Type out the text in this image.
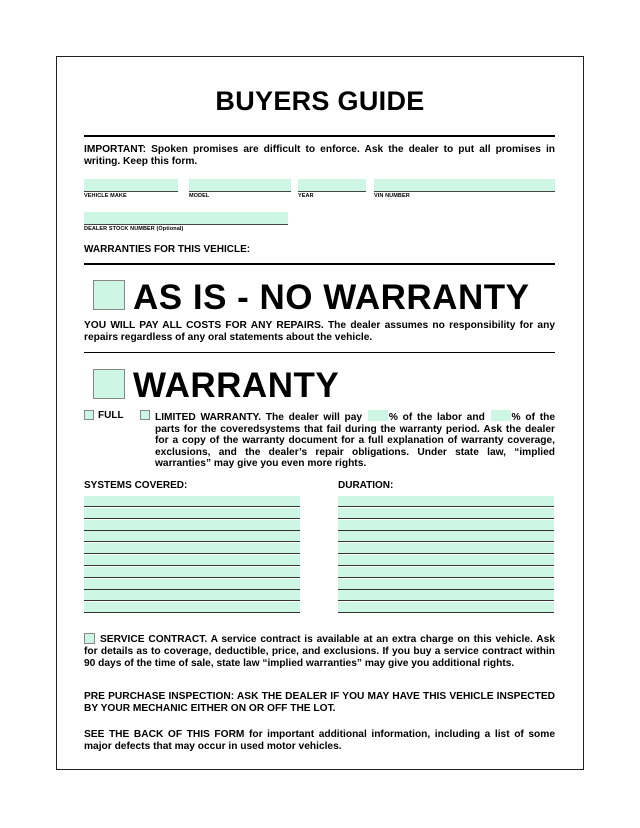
BUYERS GUIDE
IMPORTANT: Spoken promises are difficult to enforce. Ask the dealer to put all promises in writing. Keep this form.
VEHICLE MAKE	MODEL	YEAR	VIN NUMBER
DEALER STOCK NUMBER (Optional)
WARRANTIES FOR THIS VEHICLE:
AS IS - NO WARRANTY
YOU WILL PAY ALL COSTS FOR ANY REPAIRS. The dealer assumes no responsibility for any repairs regardless of any oral statements about the vehicle.
WARRANTY
FULL	LIMITED WARRANTY. The dealer will pay	% of the labor and	% of the parts for the coveredsystems that fail during the warranty period. Ask the dealer for a copy of the warranty document for a full explanation of warranty coverage, exclusions, and the dealer’s repair obligations. Under state law, “implied warranties” may give you even more rights.
SYSTEMS COVERED:	DURATION:
SERVICE CONTRACT. A service contract is available at an extra charge on this vehicle. Ask for details as to coverage, deductible, price, and exclusions. If you buy a service contract within 90 days of the time of sale, state law “implied warranties” may give you additional rights.
PRE PURCHASE INSPECTION: ASK THE DEALER IF YOU MAY HAVE THIS VEHICLE INSPECTED BY YOUR MECHANIC EITHER ON OR OFF THE LOT.
SEE THE BACK OF THIS FORM for important additional information, including a list of some major defects that may occur in used motor vehicles.
